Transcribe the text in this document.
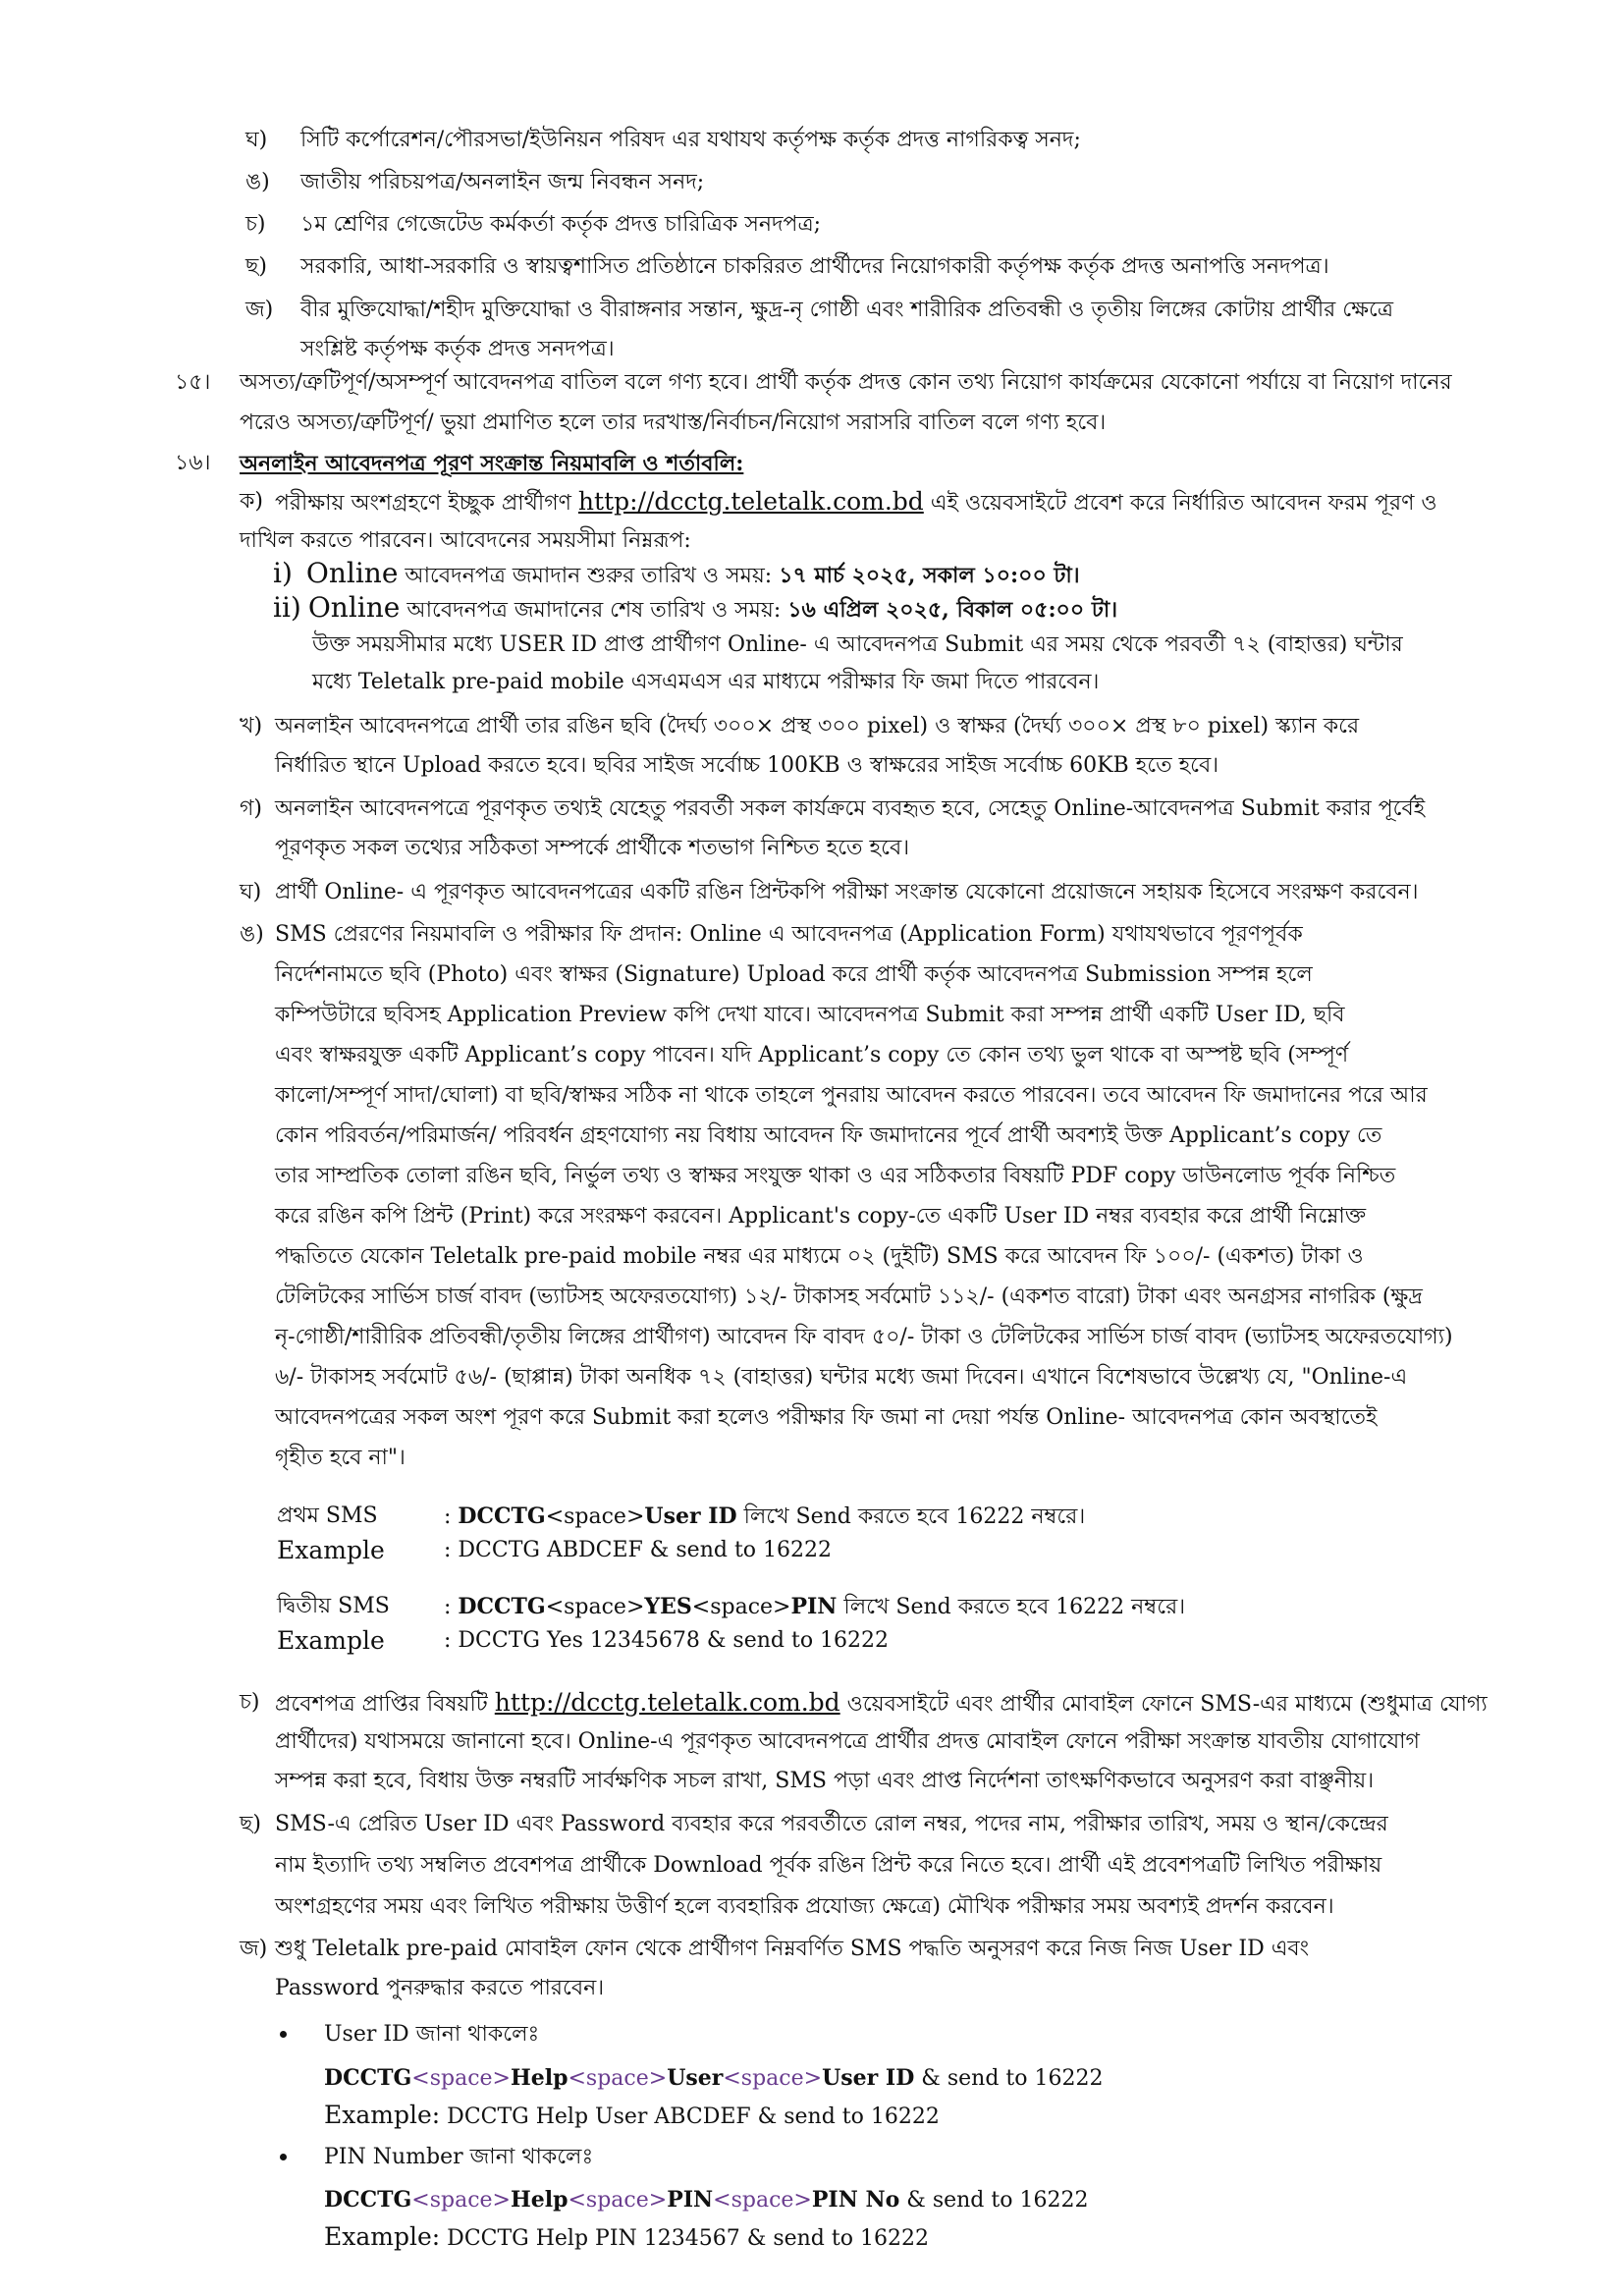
ঘ) সিটি কর্পোরেশন/পৌরসভা/ইউনিয়ন পরিষদ এর যথাযথ কর্তৃপক্ষ কর্তৃক প্রদত্ত নাগরিকত্ব সনদ;
ঙ) জাতীয় পরিচয়পত্র/অনলাইন জন্ম নিবন্ধন সনদ;
চ) ১ম শ্রেণির গেজেটেড কর্মকর্তা কর্তৃক প্রদত্ত চারিত্রিক সনদপত্র;
ছ) সরকারি, আধা-সরকারি ও স্বায়ত্বশাসিত প্রতিষ্ঠানে চাকরিরত প্রার্থীদের নিয়োগকারী কর্তৃপক্ষ কর্তৃক প্রদত্ত অনাপত্তি সনদপত্র।
জ) বীর মুক্তিযোদ্ধা/শহীদ মুক্তিযোদ্ধা ও বীরাঙ্গনার সন্তান, ক্ষুদ্র-নৃ গোষ্ঠী এবং শারীরিক প্রতিবন্ধী ও তৃতীয় লিঙ্গের কোটায় প্রার্থীর ক্ষেত্রে
সংশ্লিষ্ট কর্তৃপক্ষ কর্তৃক প্রদত্ত সনদপত্র।
১৫। অসত্য/ত্রুটিপূর্ণ/অসম্পূর্ণ আবেদনপত্র বাতিল বলে গণ্য হবে। প্রার্থী কর্তৃক প্রদত্ত কোন তথ্য নিয়োগ কার্যক্রমের যেকোনো পর্যায়ে বা নিয়োগ দানের
পরেও অসত্য/ত্রুটিপূর্ণ/ ভুয়া প্রমাণিত হলে তার দরখাস্ত/নির্বাচন/নিয়োগ সরাসরি বাতিল বলে গণ্য হবে।
১৬। অনলাইন আবেদনপত্র পূরণ সংক্রান্ত নিয়মাবলি ও শর্তাবলি:
ক) পরীক্ষায় অংশগ্রহণে ইচ্ছুক প্রার্থীগণ http://dcctg.teletalk.com.bd এই ওয়েবসাইটে প্রবেশ করে নির্ধারিত আবেদন ফরম পূরণ ও
দাখিল করতে পারবেন। আবেদনের সময়সীমা নিম্নরূপ:
i) Online আবেদনপত্র জমাদান শুরুর তারিখ ও সময়: ১৭ মার্চ ২০২৫, সকাল ১০:০০ টা।
ii) Online আবেদনপত্র জমাদানের শেষ তারিখ ও সময়: ১৬ এপ্রিল ২০২৫, বিকাল ০৫:০০ টা।
উক্ত সময়সীমার মধ্যে USER ID প্রাপ্ত প্রার্থীগণ Online- এ আবেদনপত্র Submit এর সময় থেকে পরবর্তী ৭২ (বাহাত্তর) ঘন্টার
মধ্যে Teletalk pre-paid mobile এসএমএস এর মাধ্যমে পরীক্ষার ফি জমা দিতে পারবেন।
খ) অনলাইন আবেদনপত্রে প্রার্থী তার রঙিন ছবি (দৈর্ঘ্য ৩০০× প্রস্থ ৩০০ pixel) ও স্বাক্ষর (দৈর্ঘ্য ৩০০× প্রস্থ ৮০ pixel) স্ক্যান করে
নির্ধারিত স্থানে Upload করতে হবে। ছবির সাইজ সর্বোচ্চ 100KB ও স্বাক্ষরের সাইজ সর্বোচ্চ 60KB হতে হবে।
গ) অনলাইন আবেদনপত্রে পূরণকৃত তথ্যই যেহেতু পরবর্তী সকল কার্যক্রমে ব্যবহৃত হবে, সেহেতু Online-আবেদনপত্র Submit করার পূর্বেই
পূরণকৃত সকল তথ্যের সঠিকতা সম্পর্কে প্রার্থীকে শতভাগ নিশ্চিত হতে হবে।
ঘ) প্রার্থী Online- এ পূরণকৃত আবেদনপত্রের একটি রঙিন প্রিন্টকপি পরীক্ষা সংক্রান্ত যেকোনো প্রয়োজনে সহায়ক হিসেবে সংরক্ষণ করবেন।
ঙ) SMS প্রেরণের নিয়মাবলি ও পরীক্ষার ফি প্রদান: Online এ আবেদনপত্র (Application Form) যথাযথভাবে পূরণপূর্বক
নির্দেশনামতে ছবি (Photo) এবং স্বাক্ষর (Signature) Upload করে প্রার্থী কর্তৃক আবেদনপত্র Submission সম্পন্ন হলে
কম্পিউটারে ছবিসহ Application Preview কপি দেখা যাবে। আবেদনপত্র Submit করা সম্পন্ন প্রার্থী একটি User ID, ছবি
এবং স্বাক্ষরযুক্ত একটি Applicant’s copy পাবেন। যদি Applicant’s copy তে কোন তথ্য ভুল থাকে বা অস্পষ্ট ছবি (সম্পূর্ণ
কালো/সম্পূর্ণ সাদা/ঘোলা) বা ছবি/স্বাক্ষর সঠিক না থাকে তাহলে পুনরায় আবেদন করতে পারবেন। তবে আবেদন ফি জমাদানের পরে আর
কোন পরিবর্তন/পরিমার্জন/ পরিবর্ধন গ্রহণযোগ্য নয় বিধায় আবেদন ফি জমাদানের পূর্বে প্রার্থী অবশ্যই উক্ত Applicant’s copy তে
তার সাম্প্রতিক তোলা রঙিন ছবি, নির্ভুল তথ্য ও স্বাক্ষর সংযুক্ত থাকা ও এর সঠিকতার বিষয়টি PDF copy ডাউনলোড পূর্বক নিশ্চিত
করে রঙিন কপি প্রিন্ট (Print) করে সংরক্ষণ করবেন। Applicant's copy-তে একটি User ID নম্বর ব্যবহার করে প্রার্থী নিম্নোক্ত
পদ্ধতিতে যেকোন Teletalk pre-paid mobile নম্বর এর মাধ্যমে ০২ (দুইটি) SMS করে আবেদন ফি ১০০/- (একশত) টাকা ও
টেলিটকের সার্ভিস চার্জ বাবদ (ভ্যাটসহ অফেরতযোগ্য) ১২/- টাকাসহ সর্বমোট ১১২/- (একশত বারো) টাকা এবং অনগ্রসর নাগরিক (ক্ষুদ্র
নৃ-গোষ্ঠী/শারীরিক প্রতিবন্ধী/তৃতীয় লিঙ্গের প্রার্থীগণ) আবেদন ফি বাবদ ৫০/- টাকা ও টেলিটকের সার্ভিস চার্জ বাবদ (ভ্যাটসহ অফেরতযোগ্য)
৬/- টাকাসহ সর্বমোট ৫৬/- (ছাপ্পান্ন) টাকা অনধিক ৭২ (বাহাত্তর) ঘন্টার মধ্যে জমা দিবেন। এখানে বিশেষভাবে উল্লেখ্য যে, "Online-এ
আবেদনপত্রের সকল অংশ পূরণ করে Submit করা হলেও পরীক্ষার ফি জমা না দেয়া পর্যন্ত Online- আবেদনপত্র কোন অবস্থাতেই
গৃহীত হবে না"।
প্রথম SMS	: DCCTG<space>User ID লিখে Send করতে হবে 16222 নম্বরে।
Example	: DCCTG ABDCEF & send to 16222
দ্বিতীয় SMS	: DCCTG<space>YES<space>PIN লিখে Send করতে হবে 16222 নম্বরে।
Example	: DCCTG Yes 12345678 & send to 16222
চ) প্রবেশপত্র প্রাপ্তির বিষয়টি http://dcctg.teletalk.com.bd ওয়েবসাইটে এবং প্রার্থীর মোবাইল ফোনে SMS-এর মাধ্যমে (শুধুমাত্র যোগ্য
প্রার্থীদের) যথাসময়ে জানানো হবে। Online-এ পূরণকৃত আবেদনপত্রে প্রার্থীর প্রদত্ত মোবাইল ফোনে পরীক্ষা সংক্রান্ত যাবতীয় যোগাযোগ
সম্পন্ন করা হবে, বিধায় উক্ত নম্বরটি সার্বক্ষণিক সচল রাখা, SMS পড়া এবং প্রাপ্ত নির্দেশনা তাৎক্ষণিকভাবে অনুসরণ করা বাঞ্ছনীয়।
ছ) SMS-এ প্রেরিত User ID এবং Password ব্যবহার করে পরবর্তীতে রোল নম্বর, পদের নাম, পরীক্ষার তারিখ, সময় ও স্থান/কেন্দ্রের
নাম ইত্যাদি তথ্য সম্বলিত প্রবেশপত্র প্রার্থীকে Download পূর্বক রঙিন প্রিন্ট করে নিতে হবে। প্রার্থী এই প্রবেশপত্রটি লিখিত পরীক্ষায়
অংশগ্রহণের সময় এবং লিখিত পরীক্ষায় উত্তীর্ণ হলে ব্যবহারিক প্রযোজ্য ক্ষেত্রে) মৌখিক পরীক্ষার সময় অবশ্যই প্রদর্শন করবেন।
জ) শুধু Teletalk pre-paid মোবাইল ফোন থেকে প্রার্থীগণ নিম্নবর্ণিত SMS পদ্ধতি অনুসরণ করে নিজ নিজ User ID এবং
Password পুনরুদ্ধার করতে পারবেন।
User ID জানা থাকলেঃ
DCCTG<space>Help<space>User<space>User ID & send to 16222
Example: DCCTG Help User ABCDEF & send to 16222
PIN Number জানা থাকলেঃ
DCCTG<space>Help<space>PIN<space>PIN No & send to 16222
Example: DCCTG Help PIN 1234567 & send to 16222
